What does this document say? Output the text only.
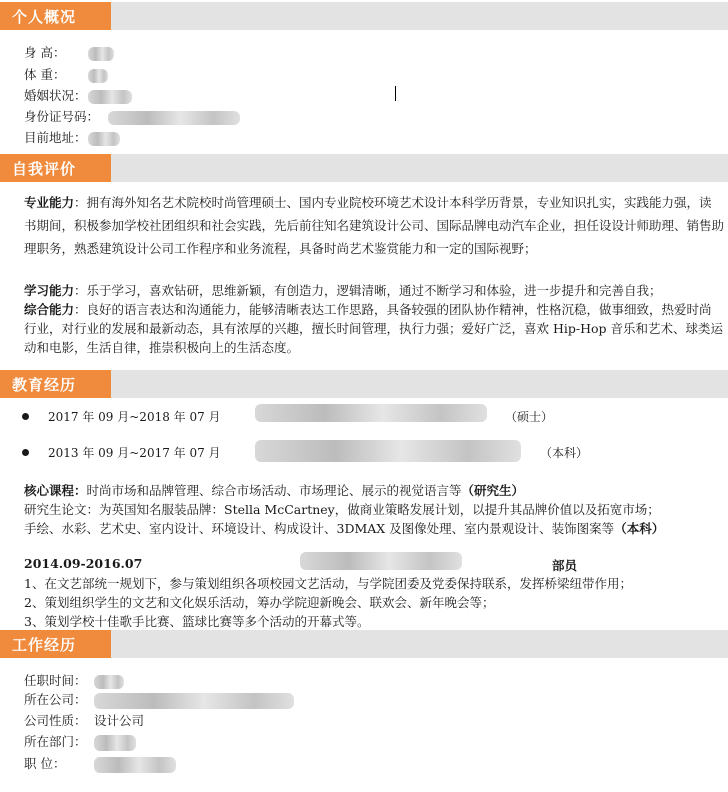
个人概况
身 高：
体 重：
婚姻状况：
身份证号码：
目前地址：
自我评价
专业能力：拥有海外知名艺术院校时尚管理硕士、国内专业院校环境艺术设计本科学历背景，专业知识扎实，实践能力强，读书期间，积极参加学校社团组织和社会实践，先后前往知名建筑设计公司、国际品牌电动汽车企业，担任设设计师助理、销售助理职务，熟悉建筑设计公司工作程序和业务流程，具备时尚艺术鉴赏能力和一定的国际视野；
学习能力：乐于学习，喜欢钻研，思维新颖，有创造力，逻辑清晰，通过不断学习和体验，进一步提升和完善自我；
综合能力：良好的语言表达和沟通能力，能够清晰表达工作思路，具备较强的团队协作精神，性格沉稳，做事细致，热爱时尚行业，对行业的发展和最新动态，具有浓厚的兴趣，擅长时间管理，执行力强；爱好广泛，喜欢 Hip-Hop 音乐和艺术、球类运动和电影，生活自律，推崇积极向上的生活态度。
教育经历
2017 年 09 月~2018 年 07 月	（硕士）
2013 年 09 月~2017 年 07 月	（本科）
核心课程：时尚市场和品牌管理、综合市场活动、市场理论、展示的视觉语言等（研究生）
研究生论文：为英国知名服装品牌：Stella McCartney，做商业策略发展计划，以提升其品牌价值以及拓宽市场；
手绘、水彩、艺术史、室内设计、环境设计、构成设计、3DMAX 及图像处理、室内景观设计、装饰图案等（本科）
2014.09-2016.07	部员
1、在文艺部统一规划下，参与策划组织各项校园文艺活动，与学院团委及党委保持联系，发挥桥梁纽带作用；
2、策划组织学生的文艺和文化娱乐活动，筹办学院迎新晚会、联欢会、新年晚会等；
3、策划学校十佳歌手比赛、篮球比赛等多个活动的开幕式等。
工作经历
任职时间：
所在公司：
公司性质： 设计公司
所在部门：
职 位：
